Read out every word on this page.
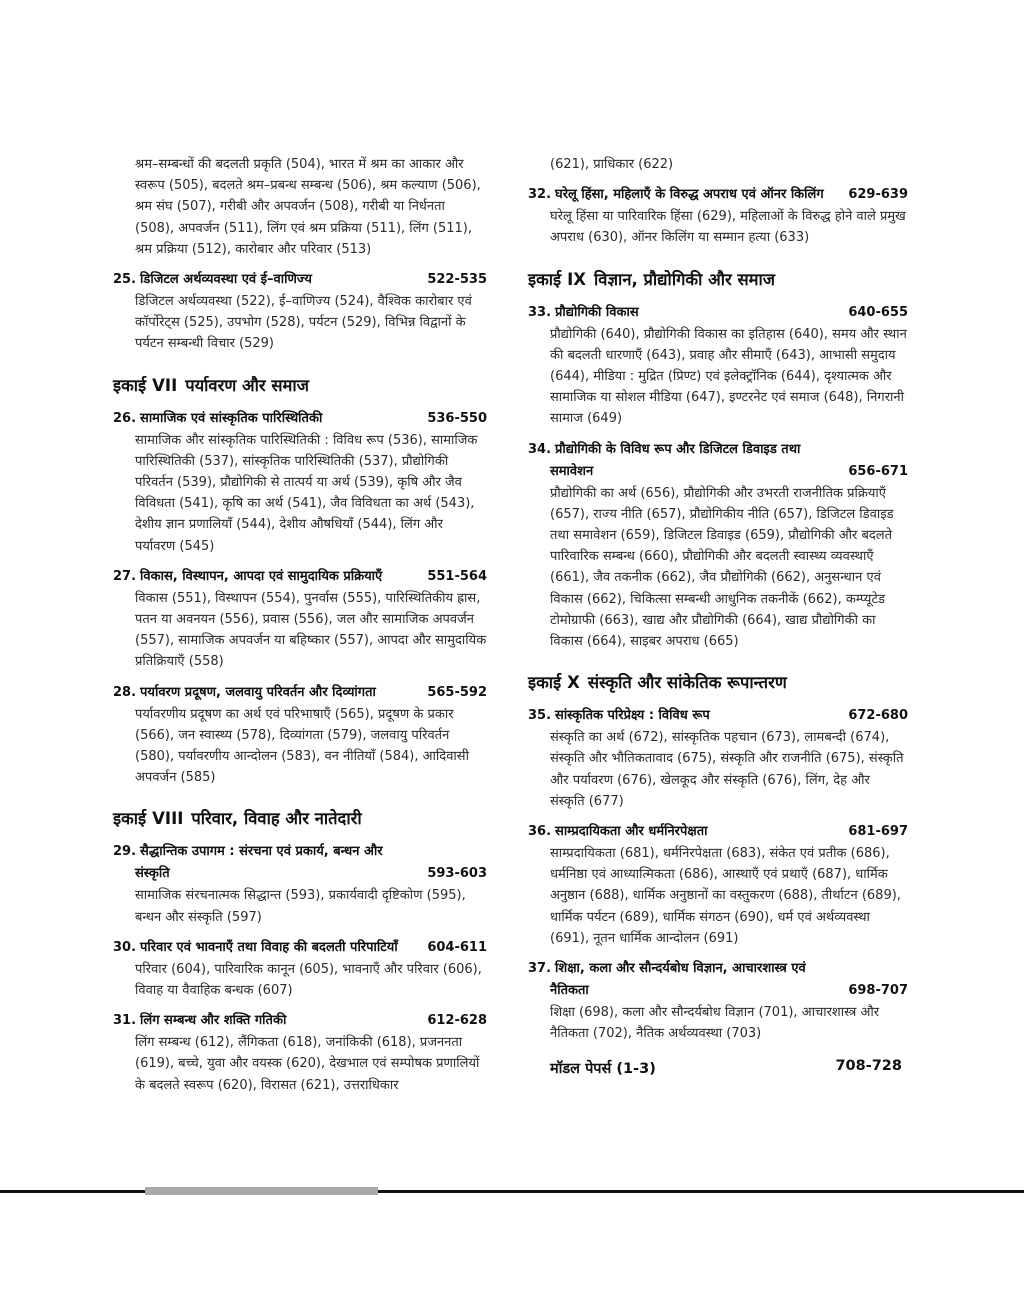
श्रम–सम्बन्धों की बदलती प्रकृति (504), भारत में श्रम का आकार और स्वरूप (505), बदलते श्रम–प्रबन्ध सम्बन्ध (506), श्रम कल्याण (506), श्रम संघ (507), गरीबी और अपवर्जन (508), गरीबी या निर्धनता (508), अपवर्जन (511), लिंग एवं श्रम प्रक्रिया (511), लिंग (511), श्रम प्रक्रिया (512), कारोबार और परिवार (513)
25. डिजिटल अर्थव्यवस्था एवं ई–वाणिज्य	522-535
डिजिटल अर्थव्यवस्था (522), ई–वाणिज्य (524), वैश्विक कारोबार एवं कॉर्पोरेट्स (525), उपभोग (528), पर्यटन (529), विभिन्न विद्वानों के पर्यटन सम्बन्धी विचार (529)
इकाई VII पर्यावरण और समाज
26. सामाजिक एवं सांस्कृतिक पारिस्थितिकी	536-550
सामाजिक और सांस्कृतिक पारिस्थितिकी : विविध रूप (536), सामाजिक पारिस्थितिकी (537), सांस्कृतिक पारिस्थितिकी (537), प्रौद्योगिकी परिवर्तन (539), प्रौद्योगिकी से तात्पर्य या अर्थ (539), कृषि और जैव विविधता (541), कृषि का अर्थ (541), जैव विविधता का अर्थ (543), देशीय ज्ञान प्रणालियाँ (544), देशीय औषधियाँ (544), लिंग और पर्यावरण (545)
27. विकास, विस्थापन, आपदा एवं सामुदायिक प्रक्रियाएँ	551-564
विकास (551), विस्थापन (554), पुनर्वास (555), पारिस्थितिकीय ह्रास, पतन या अवनयन (556), प्रवास (556), जल और सामाजिक अपवर्जन (557), सामाजिक अपवर्जन या बहिष्कार (557), आपदा और सामुदायिक प्रतिक्रियाएँ (558)
28. पर्यावरण प्रदूषण, जलवायु परिवर्तन और दिव्यांगता	565-592
पर्यावरणीय प्रदूषण का अर्थ एवं परिभाषाएँ (565), प्रदूषण के प्रकार (566), जन स्वास्थ्य (578), दिव्यांगता (579), जलवायु परिवर्तन (580), पर्यावरणीय आन्दोलन (583), वन नीतियाँ (584), आदिवासी अपवर्जन (585)
इकाई VIII परिवार, विवाह और नातेदारी
29. सैद्धान्तिक उपागम : संरचना एवं प्रकार्य, बन्धन और
संस्कृति	593-603
सामाजिक संरचनात्मक सिद्धान्त (593), प्रकार्यवादी दृष्टिकोण (595), बन्धन और संस्कृति (597)
30. परिवार एवं भावनाएँ तथा विवाह की बदलती परिपाटियाँ	604-611
परिवार (604), पारिवारिक कानून (605), भावनाएँ और परिवार (606), विवाह या वैवाहिक बन्धक (607)
31. लिंग सम्बन्ध और शक्ति गतिकी	612-628
लिंग सम्बन्ध (612), लैंगिकता (618), जनांकिकी (618), प्रजननता (619), बच्चे, युवा और वयस्क (620), देखभाल एवं सम्पोषक प्रणालियों के बदलते स्वरूप (620), विरासत (621), उत्तराधिकार
(621), प्राधिकार (622)
32. घरेलू हिंसा, महिलाएँ के विरुद्ध अपराध एवं ऑनर किलिंग	629-639
घरेलू हिंसा या पारिवारिक हिंसा (629), महिलाओं के विरुद्ध होने वाले प्रमुख अपराध (630), ऑनर किलिंग या सम्मान हत्या (633)
इकाई IX विज्ञान, प्रौद्योगिकी और समाज
33. प्रौद्योगिकी विकास	640-655
प्रौद्योगिकी (640), प्रौद्योगिकी विकास का इतिहास (640), समय और स्थान की बदलती धारणाएँ (643), प्रवाह और सीमाएँ (643), आभासी समुदाय (644), मीडिया : मुद्रित (प्रिण्ट) एवं इलेक्ट्रॉनिक (644), दृश्यात्मक और सामाजिक या सोशल मीडिया (647), इण्टरनेट एवं समाज (648), निगरानी सामाज (649)
34. प्रौद्योगिकी के विविध रूप और डिजिटल डिवाइड तथा
समावेशन	656-671
प्रौद्योगिकी का अर्थ (656), प्रौद्योगिकी और उभरती राजनीतिक प्रक्रियाएँ (657), राज्य नीति (657), प्रौद्योगिकीय नीति (657), डिजिटल डिवाइड तथा समावेशन (659), डिजिटल डिवाइड (659), प्रौद्योगिकी और बदलते पारिवारिक सम्बन्ध (660), प्रौद्योगिकी और बदलती स्वास्थ्य व्यवस्थाएँ (661), जैव तकनीक (662), जैव प्रौद्योगिकी (662), अनुसन्धान एवं विकास (662), चिकित्सा सम्बन्धी आधुनिक तकनीकें (662), कम्प्यूटेड टोमोग्राफी (663), खाद्य और प्रौद्योगिकी (664), खाद्य प्रौद्योगिकी का विकास (664), साइबर अपराध (665)
इकाई X संस्कृति और सांकेतिक रूपान्तरण
35. सांस्कृतिक परिप्रेक्ष्य : विविध रूप	672-680
संस्कृति का अर्थ (672), सांस्कृतिक पहचान (673), लामबन्दी (674), संस्कृति और भौतिकतावाद (675), संस्कृति और राजनीति (675), संस्कृति और पर्यावरण (676), खेलकूद और संस्कृति (676), लिंग, देह और संस्कृति (677)
36. साम्प्रदायिकता और धर्मनिरपेक्षता	681-697
साम्प्रदायिकता (681), धर्मनिरपेक्षता (683), संकेत एवं प्रतीक (686), धर्मनिष्ठा एवं आध्यात्मिकता (686), आस्थाएँ एवं प्रथाएँ (687), धार्मिक अनुष्ठान (688), धार्मिक अनुष्ठानों का वस्तुकरण (688), तीर्थाटन (689), धार्मिक पर्यटन (689), धार्मिक संगठन (690), धर्म एवं अर्थव्यवस्था (691), नूतन धार्मिक आन्दोलन (691)
37. शिक्षा, कला और सौन्दर्यबोध विज्ञान, आचारशास्त्र एवं
नैतिकता	698-707
शिक्षा (698), कला और सौन्दर्यबोध विज्ञान (701), आचारशास्त्र और नैतिकता (702), नैतिक अर्थव्यवस्था (703)
मॉडल पेपर्स (1-3)	708-728
